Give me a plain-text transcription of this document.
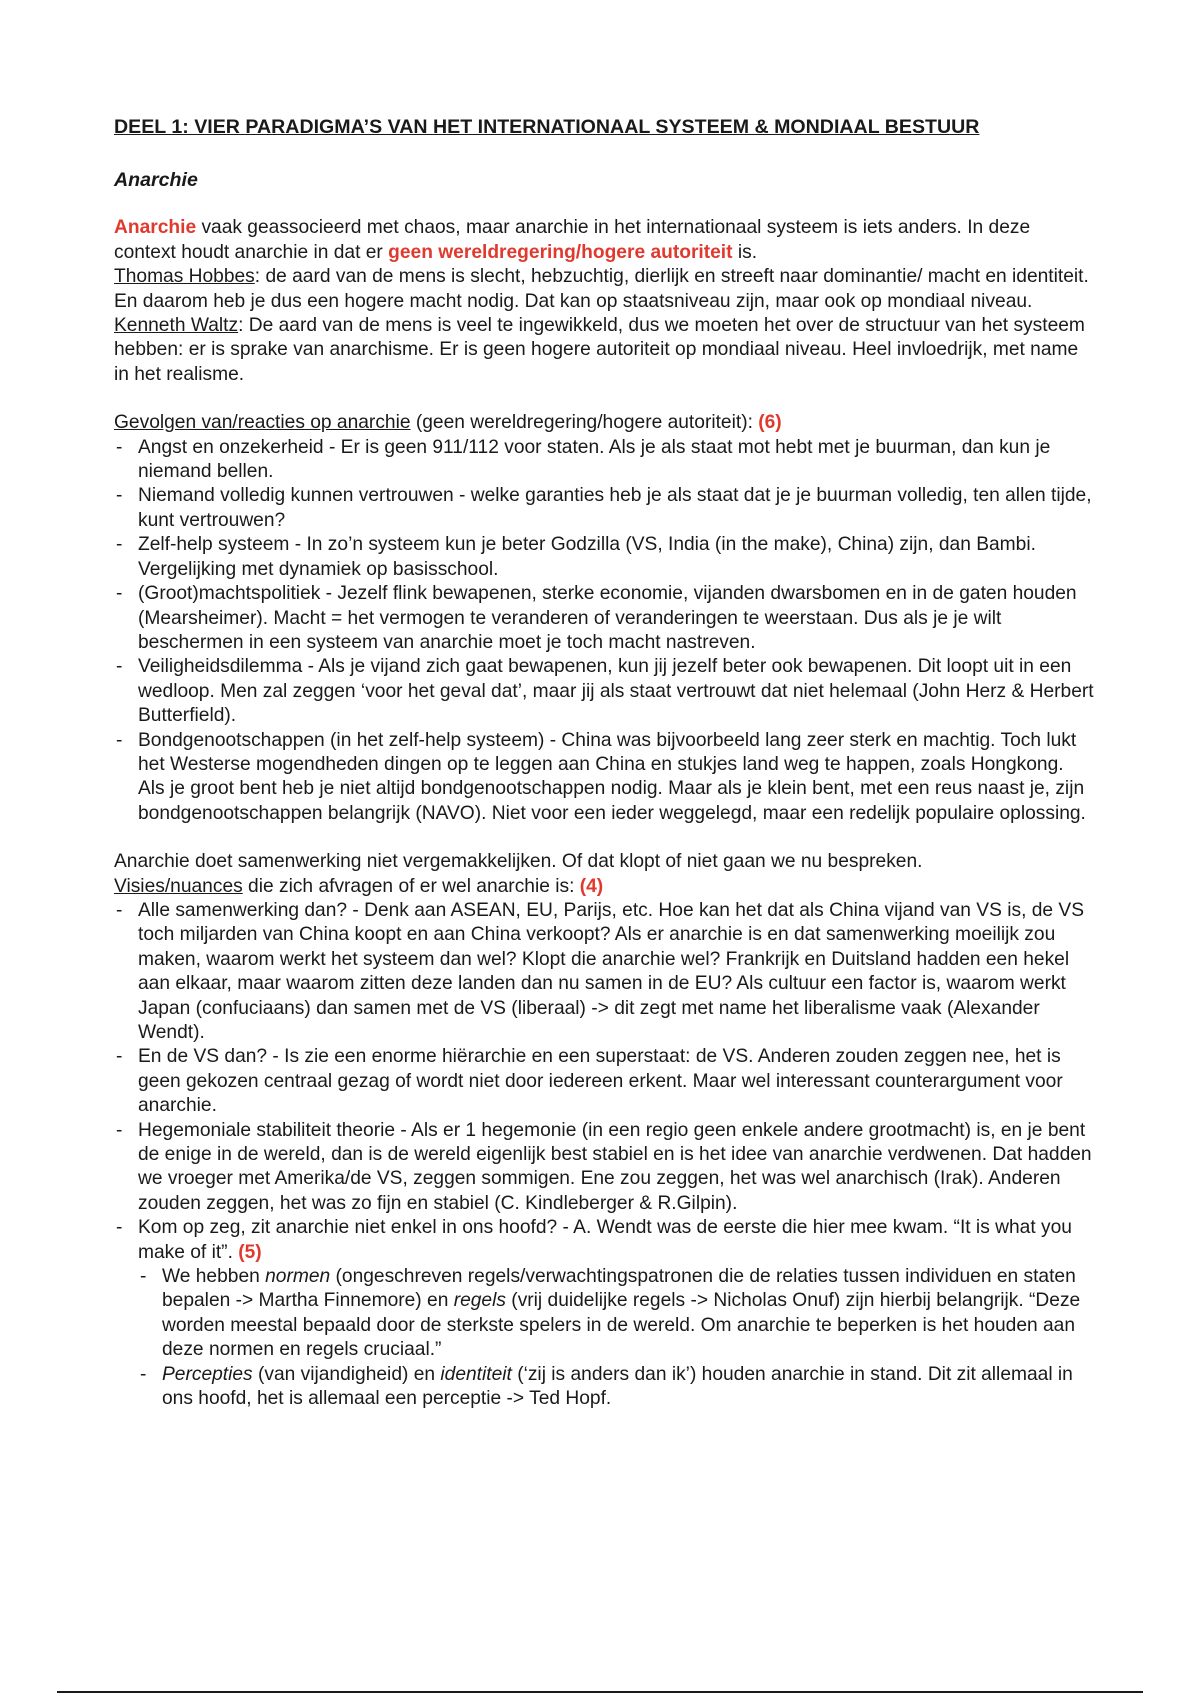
DEEL 1: VIER PARADIGMA’S VAN HET INTERNATIONAAL SYSTEEM & MONDIAAL BESTUUR

Anarchie

Anarchie vaak geassocieerd met chaos, maar anarchie in het internationaal systeem is iets anders. In deze context houdt anarchie in dat er geen wereldregering/hogere autoriteit is.
Thomas Hobbes: de aard van de mens is slecht, hebzuchtig, dierlijk en streeft naar dominantie/ macht en identiteit. En daarom heb je dus een hogere macht nodig. Dat kan op staatsniveau zijn, maar ook op mondiaal niveau.
Kenneth Waltz: De aard van de mens is veel te ingewikkeld, dus we moeten het over de structuur van het systeem hebben: er is sprake van anarchisme. Er is geen hogere autoriteit op mondiaal niveau. Heel invloedrijk, met name in het realisme.

Gevolgen van/reacties op anarchie (geen wereldregering/hogere autoriteit): (6)

- Angst en onzekerheid - Er is geen 911/112 voor staten. Als je als staat mot hebt met je buurman, dan kun je niemand bellen.
- Niemand volledig kunnen vertrouwen - welke garanties heb je als staat dat je je buurman volledig, ten allen tijde, kunt vertrouwen?
- Zelf-help systeem - In zo’n systeem kun je beter Godzilla (VS, India (in the make), China) zijn, dan Bambi. Vergelijking met dynamiek op basisschool.
- (Groot)machtspolitiek - Jezelf flink bewapenen, sterke economie, vijanden dwarsbomen en in de gaten houden (Mearsheimer). Macht = het vermogen te veranderen of veranderingen te weerstaan. Dus als je je wilt beschermen in een systeem van anarchie moet je toch macht nastreven.
- Veiligheidsdilemma - Als je vijand zich gaat bewapenen, kun jij jezelf beter ook bewapenen. Dit loopt uit in een wedloop. Men zal zeggen ‘voor het geval dat’, maar jij als staat vertrouwt dat niet helemaal (John Herz & Herbert Butterfield).
- Bondgenootschappen (in het zelf-help systeem) - China was bijvoorbeeld lang zeer sterk en machtig. Toch lukt het Westerse mogendheden dingen op te leggen aan China en stukjes land weg te happen, zoals Hongkong. Als je groot bent heb je niet altijd bondgenootschappen nodig. Maar als je klein bent, met een reus naast je, zijn bondgenootschappen belangrijk (NAVO). Niet voor een ieder weggelegd, maar een redelijk populaire oplossing.

Anarchie doet samenwerking niet vergemakkelijken. Of dat klopt of niet gaan we nu bespreken.

Visies/nuances die zich afvragen of er wel anarchie is: (4)

- Alle samenwerking dan? - Denk aan ASEAN, EU, Parijs, etc. Hoe kan het dat als China vijand van VS is, de VS toch miljarden van China koopt en aan China verkoopt? Als er anarchie is en dat samenwerking moeilijk zou maken, waarom werkt het systeem dan wel? Klopt die anarchie wel? Frankrijk en Duitsland hadden een hekel aan elkaar, maar waarom zitten deze landen dan nu samen in de EU? Als cultuur een factor is, waarom werkt Japan (confuciaans) dan samen met de VS (liberaal) -> dit zegt met name het liberalisme vaak (Alexander Wendt).
- En de VS dan? - Is zie een enorme hiërarchie en een superstaat: de VS. Anderen zouden zeggen nee, het is geen gekozen centraal gezag of wordt niet door iedereen erkent. Maar wel interessant counterargument voor anarchie.
- Hegemoniale stabiliteit theorie - Als er 1 hegemonie (in een regio geen enkele andere grootmacht) is, en je bent de enige in de wereld, dan is de wereld eigenlijk best stabiel en is het idee van anarchie verdwenen. Dat hadden we vroeger met Amerika/de VS, zeggen sommigen. Ene zou zeggen, het was wel anarchisch (Irak). Anderen zouden zeggen, het was zo fijn en stabiel (C. Kindleberger & R.Gilpin).
- Kom op zeg, zit anarchie niet enkel in ons hoofd? - A. Wendt was de eerste die hier mee kwam. “It is what you make of it”. (5)
- We hebben normen (ongeschreven regels/verwachtingspatronen die de relaties tussen individuen en staten bepalen -> Martha Finnemore) en regels (vrij duidelijke regels -> Nicholas Onuf) zijn hierbij belangrijk. “Deze worden meestal bepaald door de sterkste spelers in de wereld. Om anarchie te beperken is het houden aan deze normen en regels cruciaal.”
- Percepties (van vijandigheid) en identiteit (‘zij is anders dan ik’) houden anarchie in stand. Dit zit allemaal in ons hoofd, het is allemaal een perceptie -> Ted Hopf.
